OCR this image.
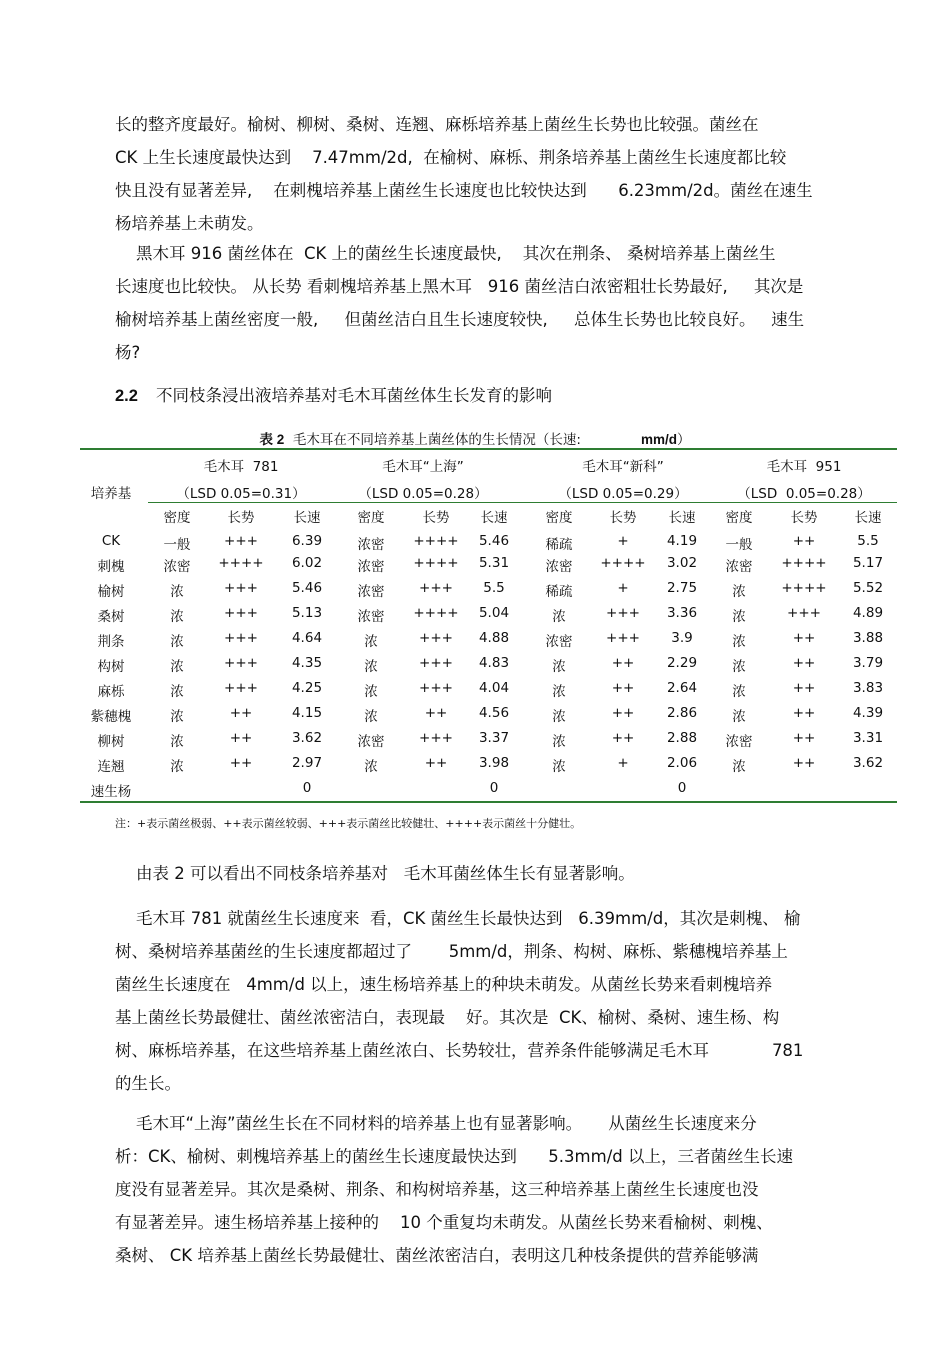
长的整齐度最好。榆树、柳树、桑树、连翘、麻栎培养基上菌丝生长势也比较强。菌丝在
CK 上生长速度最快达到    7.47mm/2d,  在榆树、麻栎、荆条培养基上菌丝生长速度都比较
快且没有显著差异,    在刺槐培养基上菌丝生长速度也比较快达到      6.23mm/2d。菌丝在速生
杨培养基上未萌发。
黑木耳 916 菌丝体在  CK 上的菌丝生长速度最快,    其次在荆条、 桑树培养基上菌丝生
长速度也比较快。 从长势 看刺槐培养基上黑木耳   916 菌丝洁白浓密粗壮长势最好,     其次是
榆树培养基上菌丝密度一般,     但菌丝洁白且生长速度较快,     总体生长势也比较良好。   速生
杨?
2.2 不同枝条浸出液培养基对毛木耳菌丝体生长发育的影响
表 2  毛木耳在不同培养基上菌丝体的生长情况（长速:	mm/d）
培养基
毛木耳  781
（LSD 0.05=0.31）
毛木耳“上海”
（LSD 0.05=0.28）
毛木耳“新科”
（LSD 0.05=0.29）
毛木耳  951
（LSD  0.05=0.28）
密度	长势	长速	密度	长势 长速	密度	长势 长速 密度	长势	长速
CK	一般 +++	6.39	浓密 ++++ 5.46	稀疏	+	4.19 一般	++	5.5
刺槐	浓密 ++++ 6.02	浓密 ++++ 5.31	浓密 ++++ 3.02 浓密 ++++ 5.17
榆树	浓	+++	5.46	浓密	+++ 5.5	稀疏	+	2.75	浓	++++ 5.52
桑树	浓	+++	5.13	浓密 ++++ 5.04	浓	+++ 3.36	浓	+++ 4.89
荆条	浓	+++	4.64	浓	+++ 4.88	浓密 +++ 3.9	浓	++	3.88
构树	浓	+++	4.35	浓	+++ 4.83	浓	++ 2.29	浓	++	3.79
麻栎	浓	+++	4.25	浓	+++ 4.04	浓	++ 2.64	浓	++	3.83
紫穗槐	浓	++	4.15	浓	++ 4.56	浓	++ 2.86	浓	++	4.39
柳树	浓	++	3.62	浓密	+++ 3.37	浓	++ 2.88 浓密	++	3.31
连翘	浓	++	2.97	浓	++ 3.98	浓	+	2.06	浓	++	3.62
速生杨	0	0	0
注：+表示菌丝极弱、++表示菌丝较弱、+++表示菌丝比较健壮、++++表示菌丝十分健壮。
由表 2 可以看出不同枝条培养基对   毛木耳菌丝体生长有显著影响。
毛木耳 781 就菌丝生长速度来  看，CK 菌丝生长最快达到   6.39mm/d，其次是刺槐、 榆
树、桑树培养基菌丝的生长速度都超过了       5mm/d，荆条、构树、麻栎、紫穗槐培养基上
菌丝生长速度在   4mm/d 以上，速生杨培养基上的种块未萌发。从菌丝长势来看刺槐培养
基上菌丝长势最健壮、菌丝浓密洁白，表现最    好。其次是  CK、榆树、桑树、速生杨、构
树、麻栎培养基，在这些培养基上菌丝浓白、长势较壮，营养条件能够满足毛木耳            781
的生长。
毛木耳“上海”菌丝生长在不同材料的培养基上也有显著影响。     从菌丝生长速度来分
析：CK、榆树、刺槐培养基上的菌丝生长速度最快达到      5.3mm/d 以上，三者菌丝生长速
度没有显著差异。其次是桑树、荆条、和构树培养基，这三种培养基上菌丝生长速度也没
有显著差异。速生杨培养基上接种的    10 个重复均未萌发。从菌丝长势来看榆树、刺槐、
桑树、 CK 培养基上菌丝长势最健壮、菌丝浓密洁白，表明这几种枝条提供的营养能够满
